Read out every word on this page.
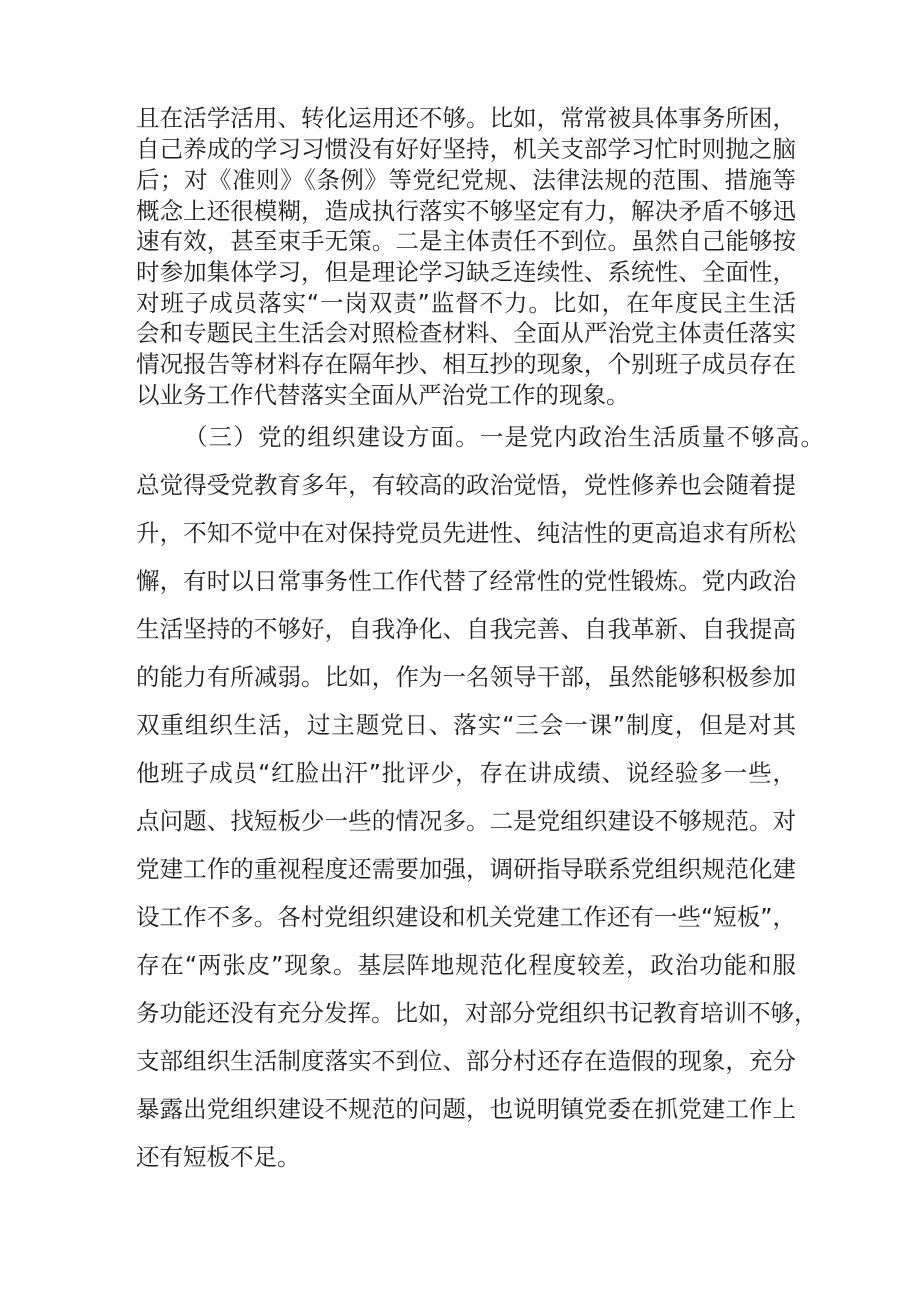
且在活学活用、转化运用还不够。比如，常常被具体事务所困，
自己养成的学习习惯没有好好坚持，机关支部学习忙时则抛之脑
后；对《准则》《条例》等党纪党规、法律法规的范围、措施等
概念上还很模糊，造成执行落实不够坚定有力，解决矛盾不够迅
速有效，甚至束手无策。二是主体责任不到位。虽然自己能够按
时参加集体学习，但是理论学习缺乏连续性、系统性、全面性，
对班子成员落实“一岗双责”监督不力。比如，在年度民主生活
会和专题民主生活会对照检查材料、全面从严治党主体责任落实
情况报告等材料存在隔年抄、相互抄的现象，个别班子成员存在
以业务工作代替落实全面从严治党工作的现象。
（三）党的组织建设方面。一是党内政治生活质量不够高。
总觉得受党教育多年，有较高的政治觉悟，党性修养也会随着提
升，不知不觉中在对保持党员先进性、纯洁性的更高追求有所松
懈，有时以日常事务性工作代替了经常性的党性锻炼。党内政治
生活坚持的不够好，自我净化、自我完善、自我革新、自我提高
的能力有所减弱。比如，作为一名领导干部，虽然能够积极参加
双重组织生活，过主题党日、落实“三会一课”制度，但是对其
他班子成员“红脸出汗”批评少，存在讲成绩、说经验多一些，
点问题、找短板少一些的情况多。二是党组织建设不够规范。对
党建工作的重视程度还需要加强，调研指导联系党组织规范化建
设工作不多。各村党组织建设和机关党建工作还有一些“短板”，
存在“两张皮”现象。基层阵地规范化程度较差，政治功能和服
务功能还没有充分发挥。比如，对部分党组织书记教育培训不够，
支部组织生活制度落实不到位、部分村还存在造假的现象，充分
暴露出党组织建设不规范的问题，也说明镇党委在抓党建工作上
还有短板不足。
